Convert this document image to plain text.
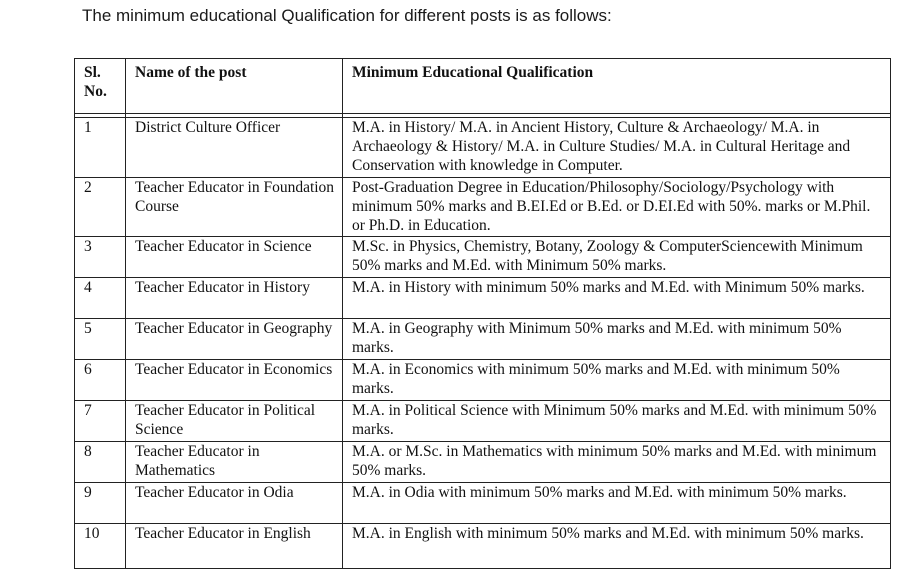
The minimum educational Qualification for different posts is as follows:
Sl.
No.	Name of the post	Minimum Educational Qualification

1	District Culture Officer	M.A. in History/ M.A. in Ancient History, Culture & Archaeology/ M.A. in Archaeology & History/ M.A. in Culture Studies/ M.A. in Cultural Heritage and Conservation with knowledge in Computer.
2	Teacher Educator in Foundation Course	Post-Graduation Degree in Education/Philosophy/Sociology/Psychology with minimum 50% marks and B.EI.Ed or B.Ed. or D.EI.Ed with 50%. marks or M.Phil. or Ph.D. in Education.
3	Teacher Educator in Science	M.Sc. in Physics, Chemistry, Botany, Zoology & ComputerSciencewith Minimum 50% marks and M.Ed. with Minimum 50% marks.
4	Teacher Educator in History	M.A. in History with minimum 50% marks and M.Ed. with Minimum 50% marks.
5	Teacher Educator in Geography	M.A. in Geography with Minimum 50% marks and M.Ed. with minimum 50% marks.
6	Teacher Educator in Economics	M.A. in Economics with minimum 50% marks and M.Ed. with minimum 50% marks.
7	Teacher Educator in Political Science	M.A. in Political Science with Minimum 50% marks and M.Ed. with minimum 50% marks.
8	Teacher Educator in Mathematics	M.A. or M.Sc. in Mathematics with minimum 50% marks and M.Ed. with minimum 50% marks.
9	Teacher Educator in Odia	M.A. in Odia with minimum 50% marks and M.Ed. with minimum 50% marks.
10	Teacher Educator in English	M.A. in English with minimum 50% marks and M.Ed. with minimum 50% marks.
